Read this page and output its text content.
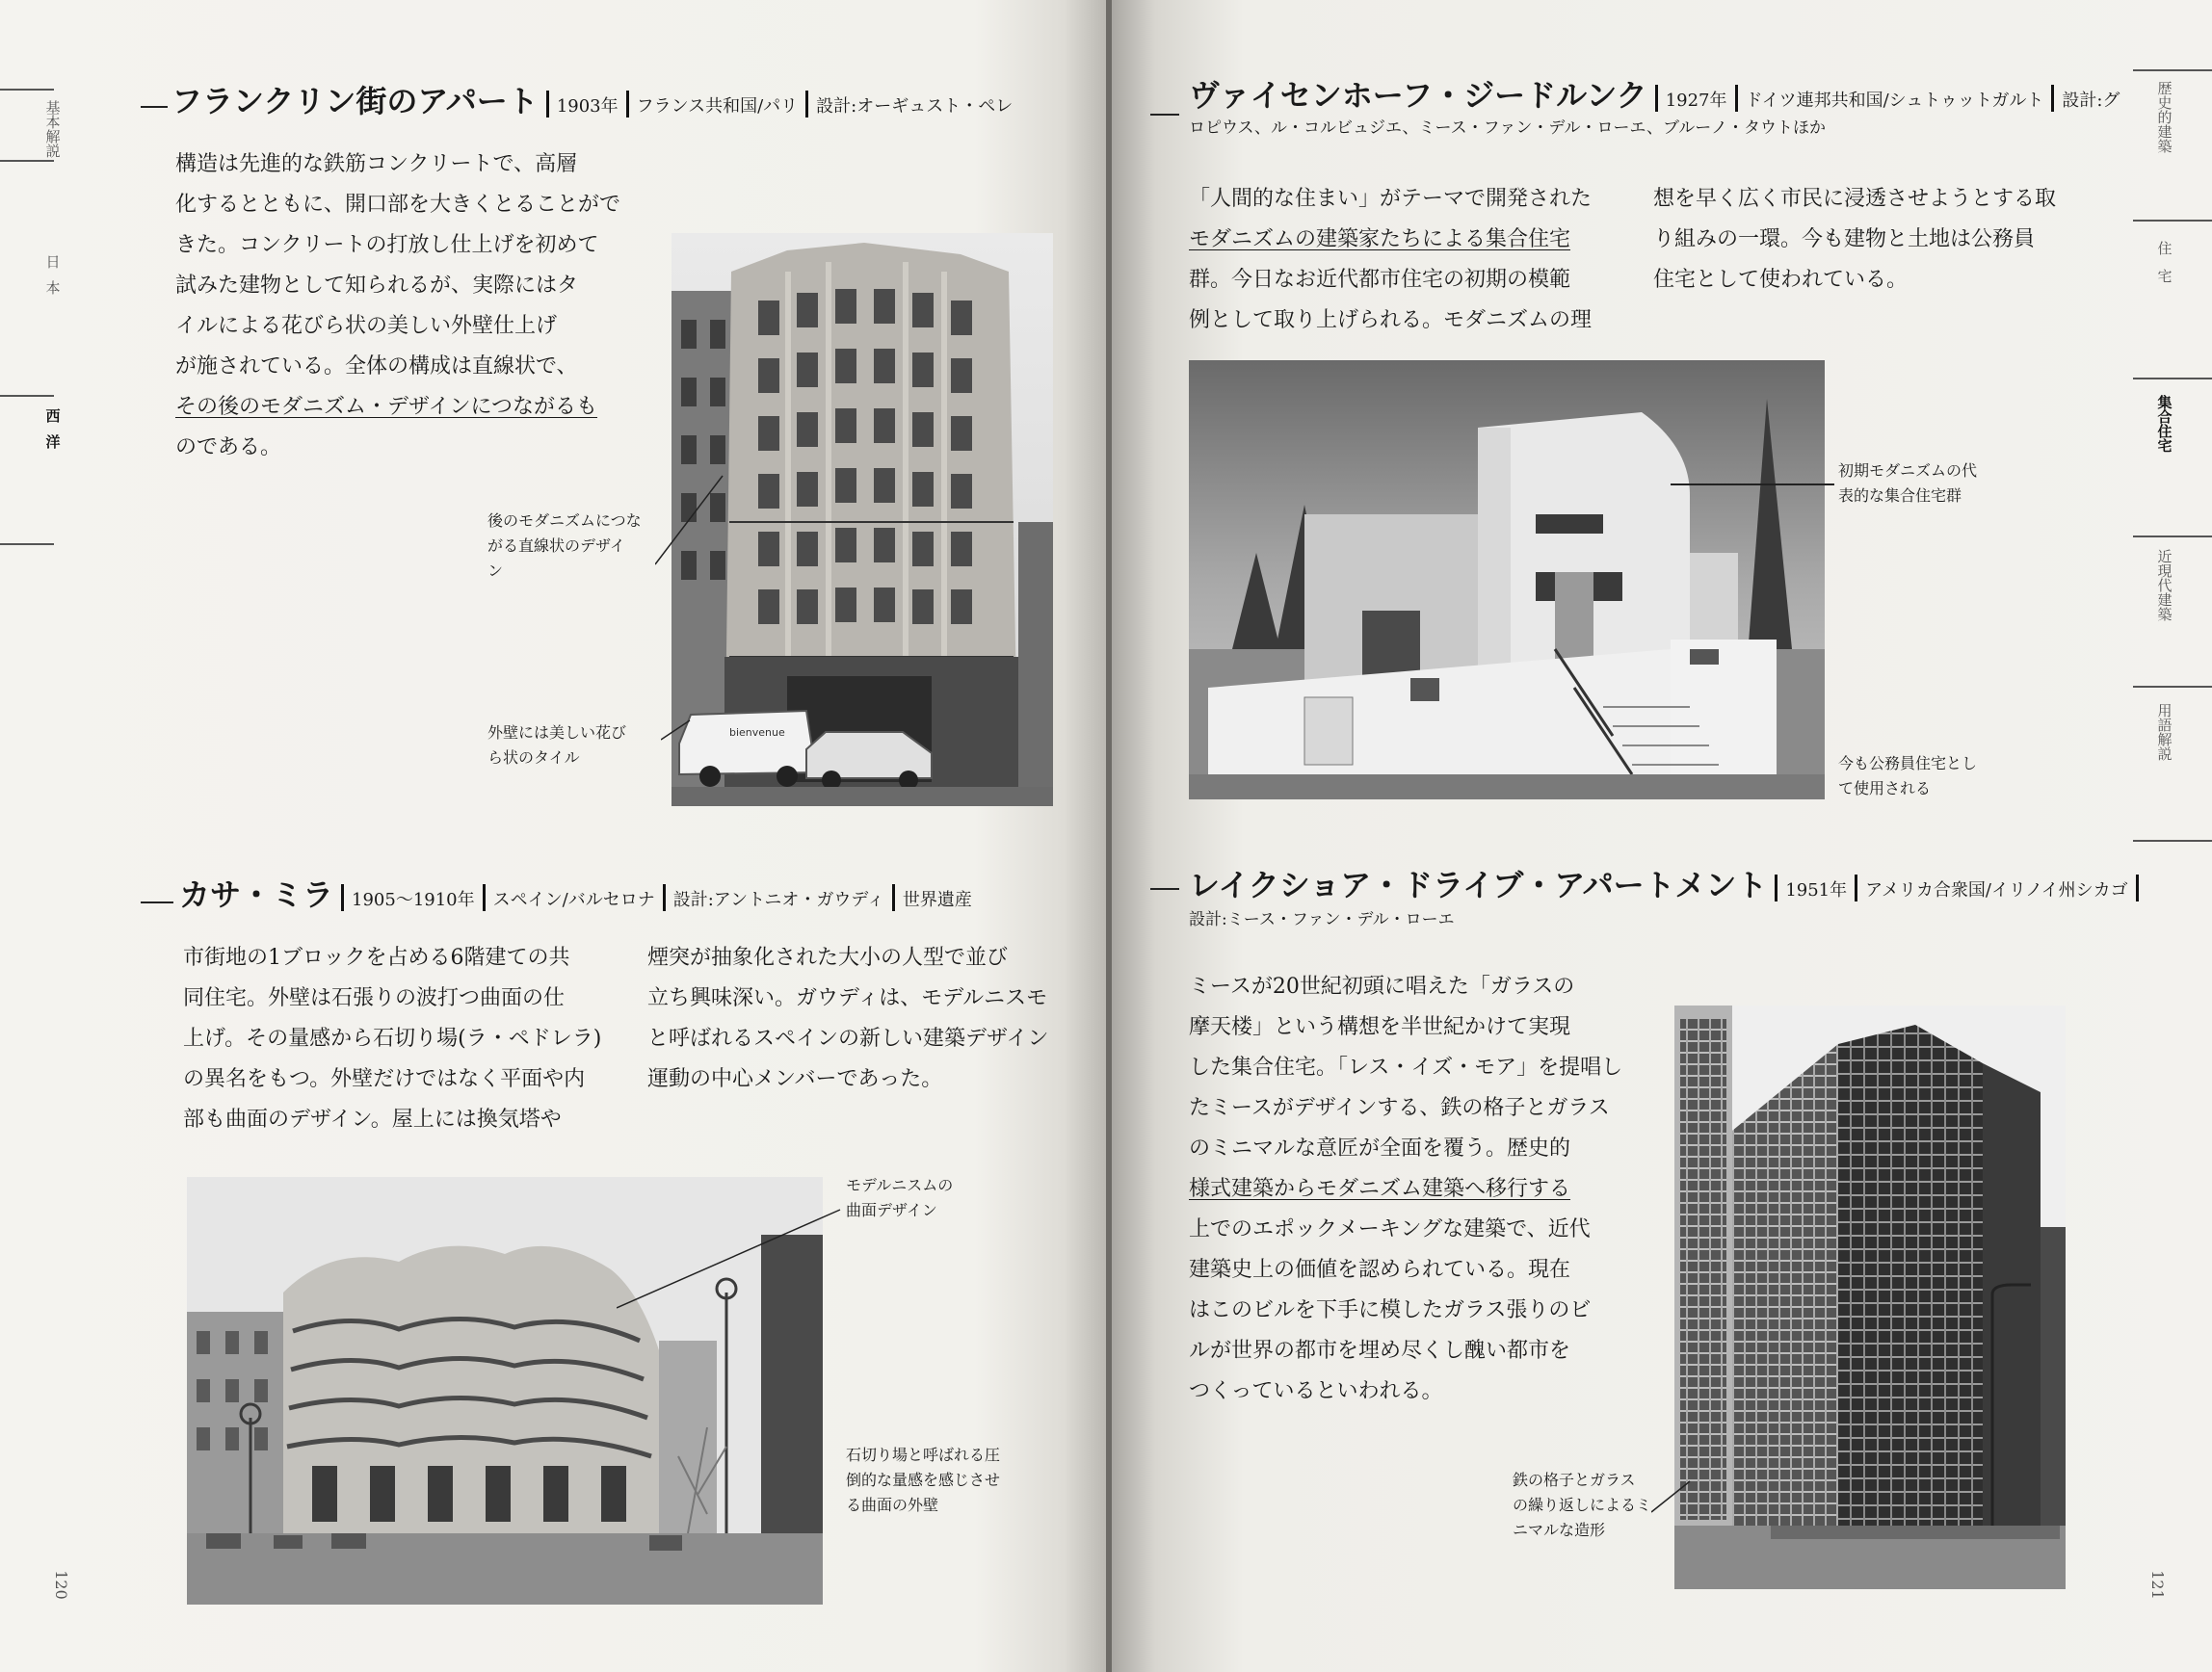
基本解説
日本
西洋
120
フランクリン街のアパート 1903年 フランス共和国/パリ 設計:オーギュスト・ペレ
構造は先進的な鉄筋コンクリートで、高層
化するとともに、開口部を大きくとることがで
きた。コンクリートの打放し仕上げを初めて
試みた建物として知られるが、実際にはタ
イルによる花びら状の美しい外壁仕上げ
が施されている。全体の構成は直線状で、
その後のモダニズム・デザインにつながるも
のである。
bienvenue
後のモダニズムにつな
がる直線状のデザイ
ン
外壁には美しい花び
ら状のタイル
カサ・ミラ 1905〜1910年 スペイン/バルセロナ 設計:アントニオ・ガウディ 世界遺産
市街地の1ブロックを占める6階建ての共
同住宅。外壁は石張りの波打つ曲面の仕
上げ。その量感から石切り場(ラ・ペドレラ)
の異名をもつ。外壁だけではなく平面や内
部も曲面のデザイン。屋上には換気塔や
煙突が抽象化された大小の人型で並び
立ち興味深い。ガウディは、モデルニスモ
と呼ばれるスペインの新しい建築デザイン
運動の中心メンバーであった。
モデルニスムの
曲面デザイン
石切り場と呼ばれる圧
倒的な量感を感じさせ
る曲面の外壁
ヴァイセンホーフ・ジードルンク 1927年 ドイツ連邦共和国/シュトゥットガルト 設計:グ
ロピウス、ル・コルビュジエ、ミース・ファン・デル・ローエ、ブルーノ・タウトほか
「人間的な住まい」がテーマで開発された
モダニズムの建築家たちによる集合住宅
群。今日なお近代都市住宅の初期の模範
例として取り上げられる。モダニズムの理
想を早く広く市民に浸透させようとする取
り組みの一環。今も建物と土地は公務員
住宅として使われている。
初期モダニズムの代
表的な集合住宅群
今も公務員住宅とし
て使用される
レイクショア・ドライブ・アパートメント 1951年 アメリカ合衆国/イリノイ州シカゴ
設計:ミース・ファン・デル・ローエ
ミースが20世紀初頭に唱えた「ガラスの
摩天楼」という構想を半世紀かけて実現
した集合住宅。「レス・イズ・モア」を提唱し
たミースがデザインする、鉄の格子とガラス
のミニマルな意匠が全面を覆う。歴史的
様式建築からモダニズム建築へ移行する
上でのエポックメーキングな建築で、近代
建築史上の価値を認められている。現在
はこのビルを下手に模したガラス張りのビ
ルが世界の都市を埋め尽くし醜い都市を
つくっているといわれる。
鉄の格子とガラス
の繰り返しによるミ
ニマルな造形
歴史的建築
住宅
集合住宅
近現代建築
用語解説
121
